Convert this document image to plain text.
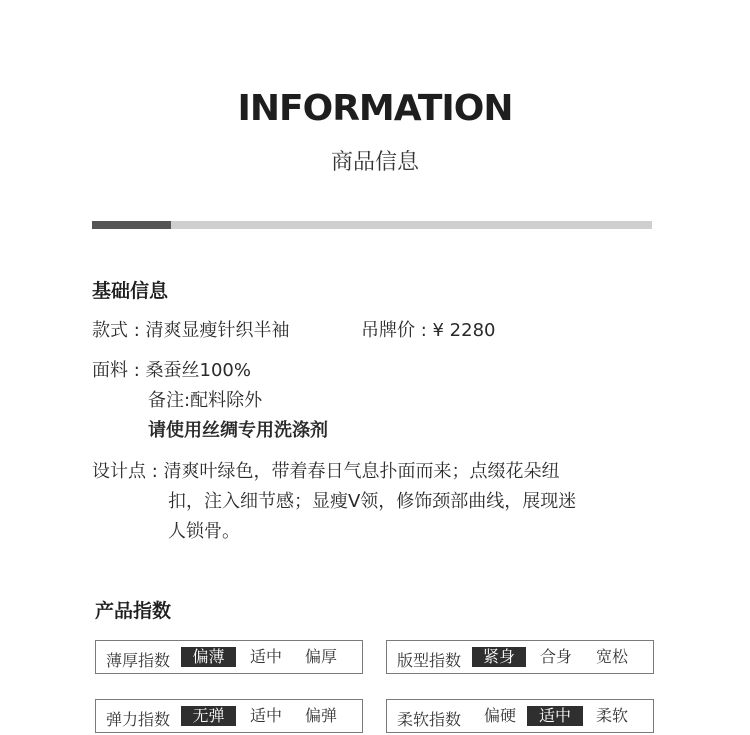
INFORMATION
商品信息
基础信息
款式 : 清爽显瘦针织半袖	吊牌价 : ¥ 2280
面料 : 桑蚕丝100%
备注:配料除外
请使用丝绸专用洗涤剂
设计点 : 清爽叶绿色，带着春日气息扑面而来；点缀花朵纽
扣，注入细节感；显瘦V领，修饰颈部曲线，展现迷
人锁骨。
产品指数
薄厚指数	偏薄	适中	偏厚	版型指数	紧身	合身	宽松
弹力指数	无弹	适中	偏弹	柔软指数	偏硬	适中	柔软
